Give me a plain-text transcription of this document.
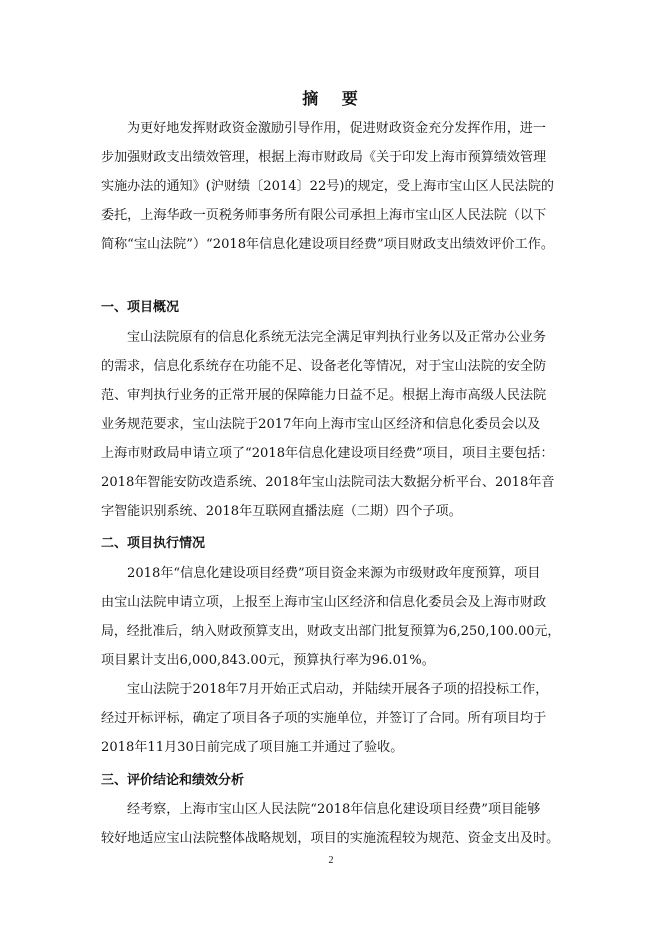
摘 要
为更好地发挥财政资金激励引导作用，促进财政资金充分发挥作用，进一
步加强财政支出绩效管理，根据上海市财政局《关于印发上海市预算绩效管理
实施办法的通知》(沪财绩〔2014〕22号)的规定，受上海市宝山区人民法院的
委托，上海华政一页税务师事务所有限公司承担上海市宝山区人民法院（以下
简称“宝山法院”）“2018年信息化建设项目经费”项目财政支出绩效评价工作。
一、项目概况
宝山法院原有的信息化系统无法完全满足审判执行业务以及正常办公业务
的需求，信息化系统存在功能不足、设备老化等情况，对于宝山法院的安全防
范、审判执行业务的正常开展的保障能力日益不足。根据上海市高级人民法院
业务规范要求，宝山法院于2017年向上海市宝山区经济和信息化委员会以及
上海市财政局申请立项了“2018年信息化建设项目经费”项目，项目主要包括：
2018年智能安防改造系统、2018年宝山法院司法大数据分析平台、2018年音
字智能识别系统、2018年互联网直播法庭（二期）四个子项。
二、项目执行情况
2018年“信息化建设项目经费”项目资金来源为市级财政年度预算，项目
由宝山法院申请立项，上报至上海市宝山区经济和信息化委员会及上海市财政
局，经批准后，纳入财政预算支出，财政支出部门批复预算为6,250,100.00元，
项目累计支出6,000,843.00元，预算执行率为96.01%。
宝山法院于2018年7月开始正式启动，并陆续开展各子项的招投标工作，
经过开标评标，确定了项目各子项的实施单位，并签订了合同。所有项目均于
2018年11月30日前完成了项目施工并通过了验收。
三、评价结论和绩效分析
经考察，上海市宝山区人民法院“2018年信息化建设项目经费”项目能够
较好地适应宝山法院整体战略规划，项目的实施流程较为规范、资金支出及时。
2
